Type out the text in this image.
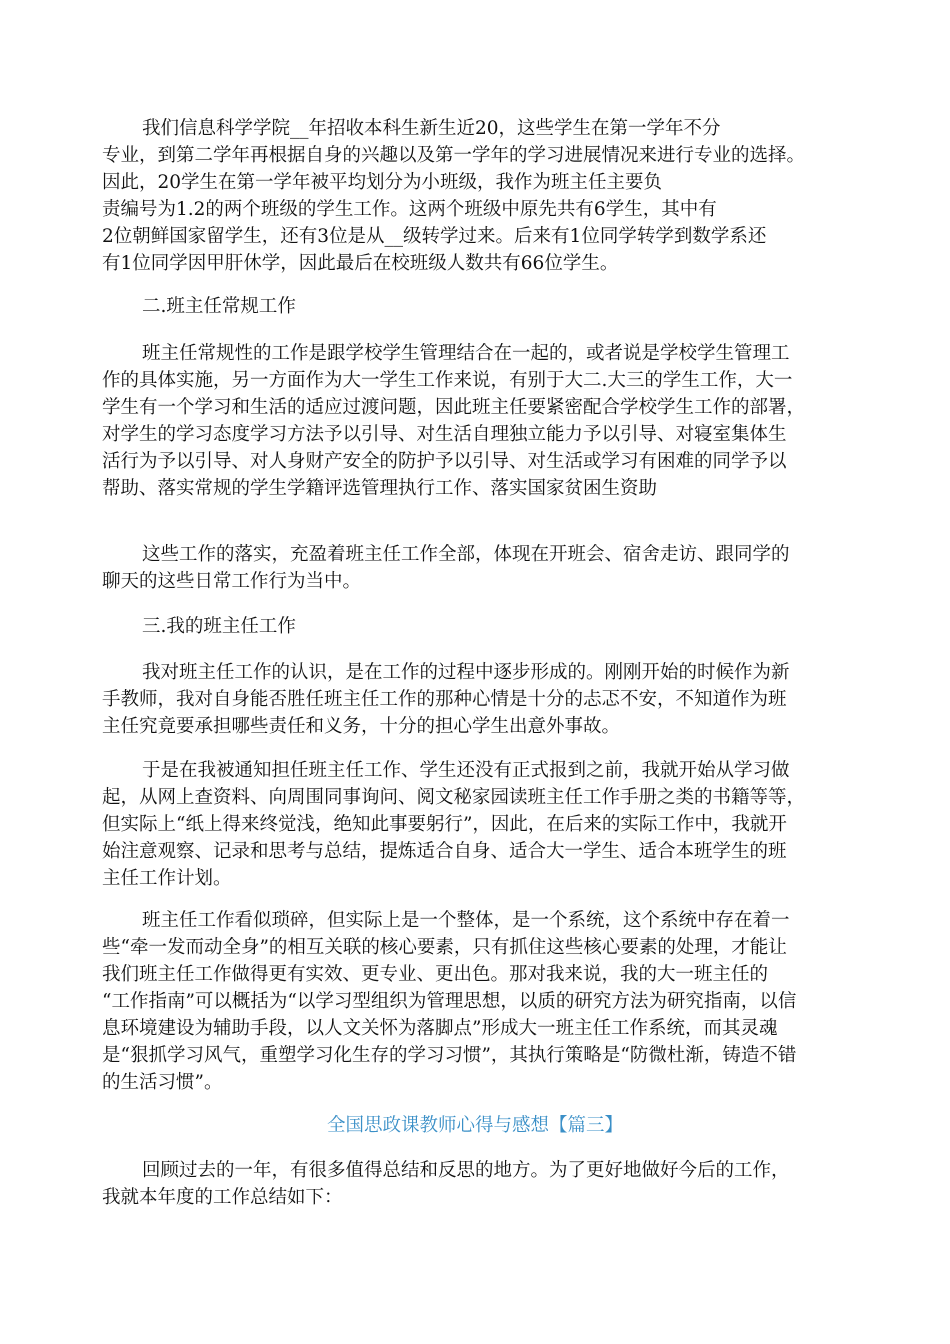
我们信息科学学院__年招收本科生新生近20，这些学生在第一学年不分
专业，到第二学年再根据自身的兴趣以及第一学年的学习进展情况来进行专业的选择。
因此，20学生在第一学年被平均划分为小班级，我作为班主任主要负
责编号为1.2的两个班级的学生工作。这两个班级中原先共有6学生，其中有
2位朝鲜国家留学生，还有3位是从__级转学过来。后来有1位同学转学到数学系还
有1位同学因甲肝休学，因此最后在校班级人数共有66位学生。
二.班主任常规工作
班主任常规性的工作是跟学校学生管理结合在一起的，或者说是学校学生管理工
作的具体实施，另一方面作为大一学生工作来说，有别于大二.大三的学生工作，大一
学生有一个学习和生活的适应过渡问题，因此班主任要紧密配合学校学生工作的部署，
对学生的学习态度学习方法予以引导、对生活自理独立能力予以引导、对寝室集体生
活行为予以引导、对人身财产安全的防护予以引导、对生活或学习有困难的同学予以
帮助、落实常规的学生学籍评选管理执行工作、落实国家贫困生资助
这些工作的落实，充盈着班主任工作全部，体现在开班会、宿舍走访、跟同学的
聊天的这些日常工作行为当中。
三.我的班主任工作
我对班主任工作的认识，是在工作的过程中逐步形成的。刚刚开始的时候作为新
手教师，我对自身能否胜任班主任工作的那种心情是十分的忐忑不安，不知道作为班
主任究竟要承担哪些责任和义务，十分的担心学生出意外事故。
于是在我被通知担任班主任工作、学生还没有正式报到之前，我就开始从学习做
起，从网上查资料、向周围同事询问、阅文秘家园读班主任工作手册之类的书籍等等，
但实际上“纸上得来终觉浅，绝知此事要躬行”，因此，在后来的实际工作中，我就开
始注意观察、记录和思考与总结，提炼适合自身、适合大一学生、适合本班学生的班
主任工作计划。
班主任工作看似琐碎，但实际上是一个整体，是一个系统，这个系统中存在着一
些“牵一发而动全身”的相互关联的核心要素，只有抓住这些核心要素的处理，才能让
我们班主任工作做得更有实效、更专业、更出色。那对我来说，我的大一班主任的
“工作指南”可以概括为“以学习型组织为管理思想，以质的研究方法为研究指南，以信
息环境建设为辅助手段，以人文关怀为落脚点”形成大一班主任工作系统，而其灵魂
是“狠抓学习风气，重塑学习化生存的学习习惯”，其执行策略是“防微杜渐，铸造不错
的生活习惯”。
全国思政课教师心得与感想【篇三】
回顾过去的一年，有很多值得总结和反思的地方。为了更好地做好今后的工作，
我就本年度的工作总结如下：
